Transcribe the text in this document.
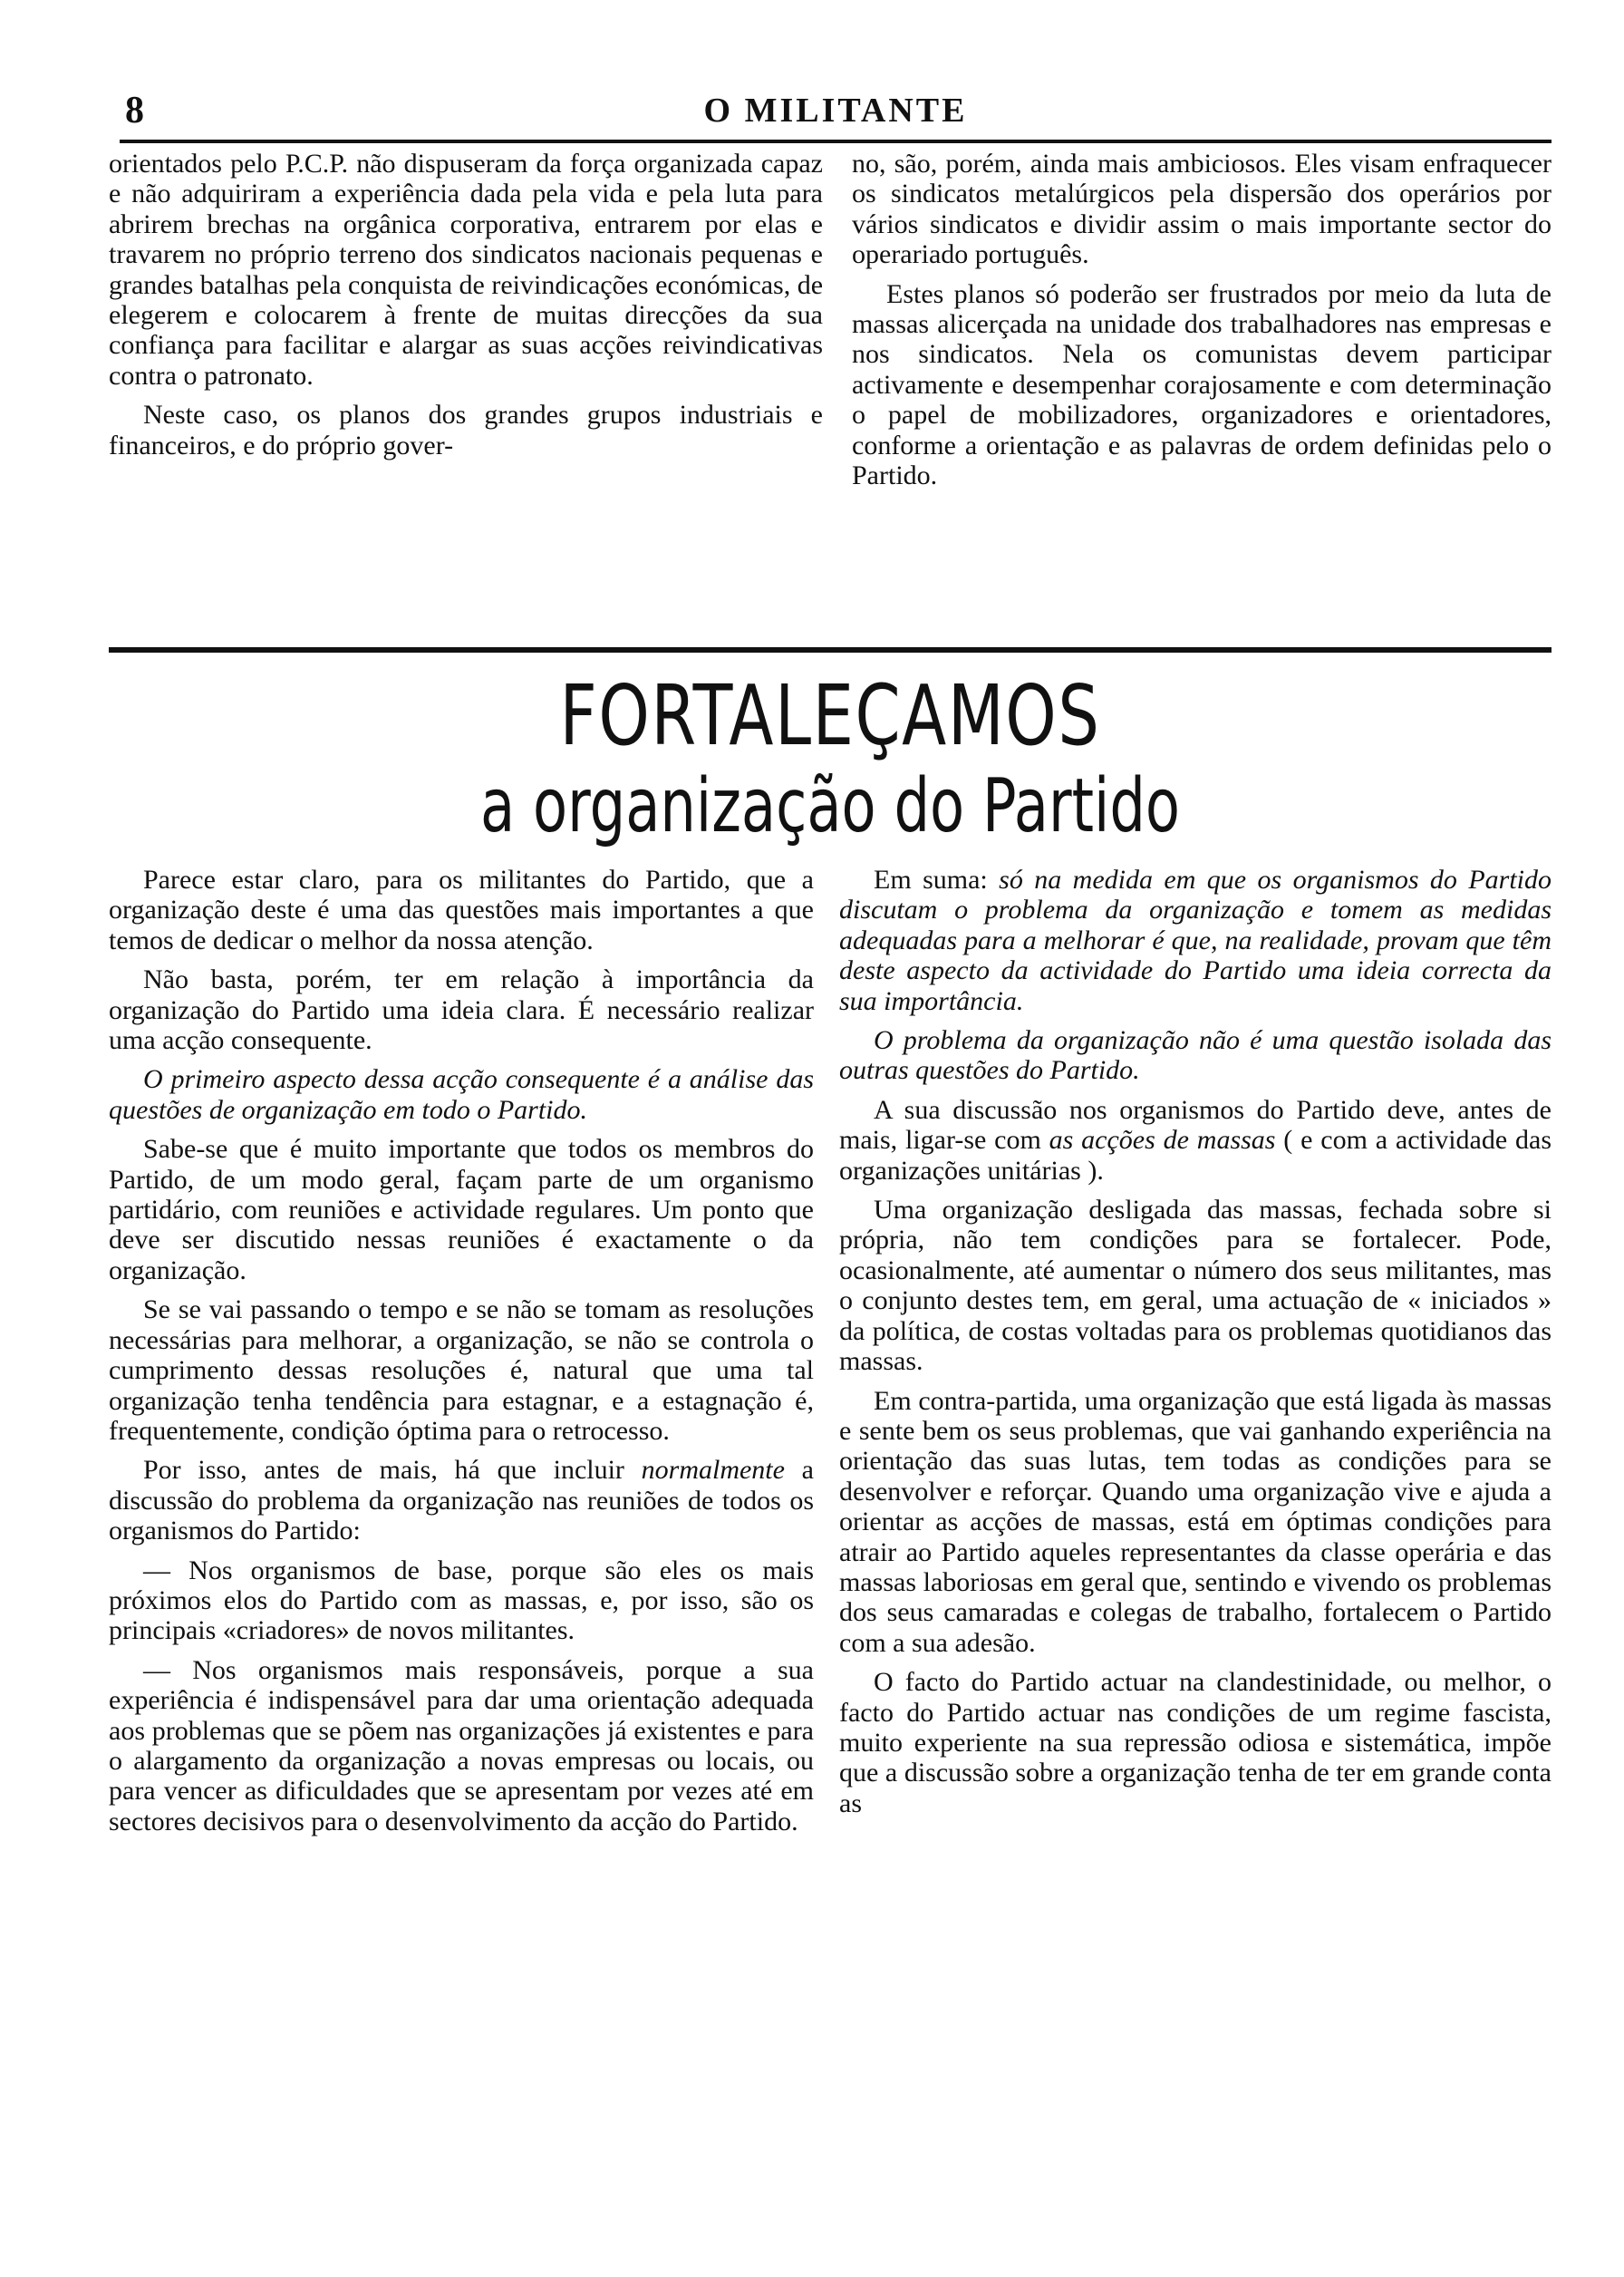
8	O MILITANTE

orientados pelo P.C.P. não dispuseram da força organizada capaz e não adquiriram a experiência dada pela vida e pela luta para abrirem brechas na orgânica corporativa, entrarem por elas e travarem no próprio terreno dos sindicatos nacionais pequenas e grandes batalhas pela conquista de reivindicações económicas, de elegerem e colocarem à frente de muitas direcções da sua confiança para facilitar e alargar as suas acções reivindicativas contra o patronato.

Neste caso, os planos dos grandes grupos industriais e financeiros, e do próprio gover-

no, são, porém, ainda mais ambiciosos. Eles visam enfraquecer os sindicatos metalúrgicos pela dispersão dos operários por vários sindicatos e dividir assim o mais importante sector do operariado português.

Estes planos só poderão ser frustrados por meio da luta de massas alicerçada na unidade dos trabalhadores nas empresas e nos sindicatos. Nela os comunistas devem participar activamente e desempenhar corajosamente e com determinação o papel de mobilizadores, organizadores e orientadores, conforme a orientação e as palavras de ordem definidas pelo o Partido.

FORTALEÇAMOS
a organização do Partido

Parece estar claro, para os militantes do Partido, que a organização deste é uma das questões mais importantes a que temos de dedicar o melhor da nossa atenção.

Não basta, porém, ter em relação à importância da organização do Partido uma ideia clara. É necessário realizar uma acção consequente.

O primeiro aspecto dessa acção consequente é a análise das questões de organização em todo o Partido.

Sabe-se que é muito importante que todos os membros do Partido, de um modo geral, façam parte de um organismo partidário, com reuniões e actividade regulares. Um ponto que deve ser discutido nessas reuniões é exactamente o da organização.

Se se vai passando o tempo e se não se tomam as resoluções necessárias para melhorar, a organização, se não se controla o cumprimento dessas resoluções é, natural que uma tal organização tenha tendência para estagnar, e a estagnação é, frequentemente, condição óptima para o retrocesso.

Por isso, antes de mais, há que incluir normalmente a discussão do problema da organização nas reuniões de todos os organismos do Partido:

— Nos organismos de base, porque são eles os mais próximos elos do Partido com as massas, e, por isso, são os principais «criadores» de novos militantes.

— Nos organismos mais responsáveis, porque a sua experiência é indispensável para dar uma orientação adequada aos problemas que se põem nas organizações já existentes e para o alargamento da organização a novas empresas ou locais, ou para vencer as dificuldades que se apresentam por vezes até em sectores decisivos para o desenvolvimento da acção do Partido.

Em suma: só na medida em que os organismos do Partido discutam o problema da organização e tomem as medidas adequadas para a melhorar é que, na realidade, provam que têm deste aspecto da actividade do Partido uma ideia correcta da sua importância.

O problema da organização não é uma questão isolada das outras questões do Partido.

A sua discussão nos organismos do Partido deve, antes de mais, ligar-se com as acções de massas ( e com a actividade das organizações unitárias ).

Uma organização desligada das massas, fechada sobre si própria, não tem condições para se fortalecer. Pode, ocasionalmente, até aumentar o número dos seus militantes, mas o conjunto destes tem, em geral, uma actuação de « iniciados » da política, de costas voltadas para os problemas quotidianos das massas.

Em contra-partida, uma organização que está ligada às massas e sente bem os seus problemas, que vai ganhando experiência na orientação das suas lutas, tem todas as condições para se desenvolver e reforçar. Quando uma organização vive e ajuda a orientar as acções de massas, está em óptimas condições para atrair ao Partido aqueles representantes da classe operária e das massas laboriosas em geral que, sentindo e vivendo os problemas dos seus camaradas e colegas de trabalho, fortalecem o Partido com a sua adesão.

O facto do Partido actuar na clandestinidade, ou melhor, o facto do Partido actuar nas condições de um regime fascista, muito experiente na sua repressão odiosa e sistemática, impõe que a discussão sobre a organização tenha de ter em grande conta as
